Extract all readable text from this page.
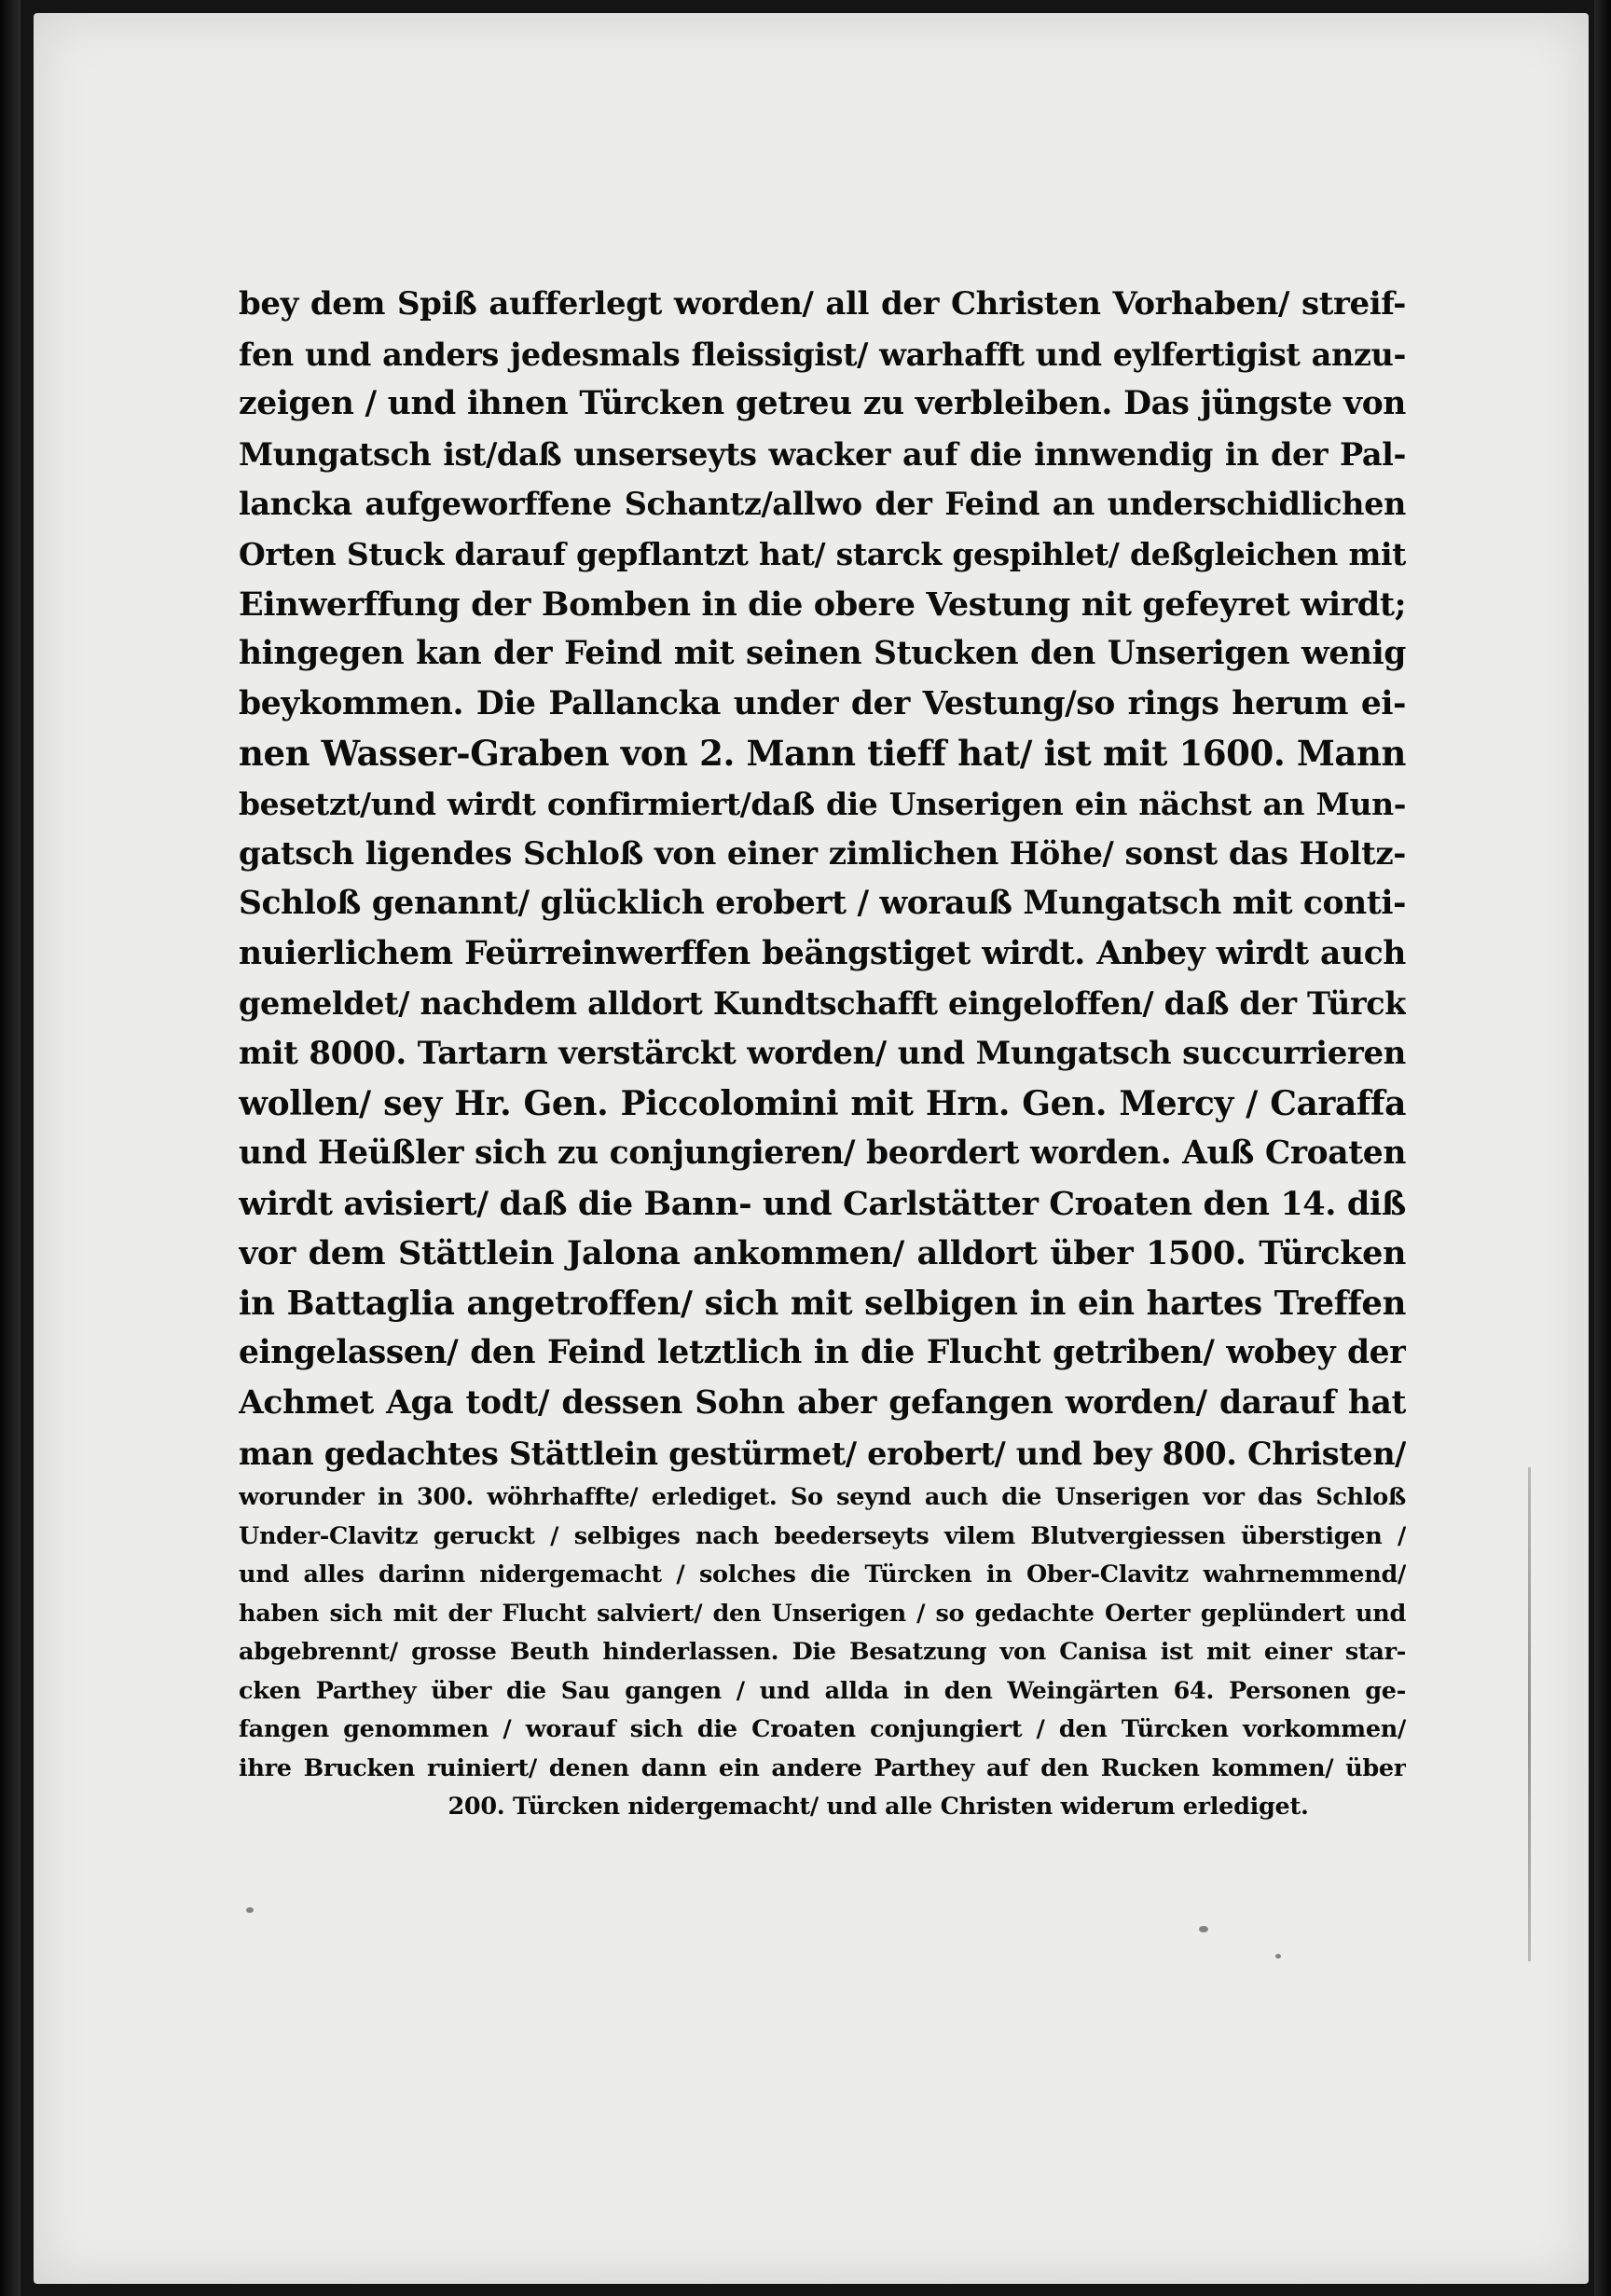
bey dem Spiß aufferlegt worden/ all der Christen Vorhaben/ streif-
fen und anders jedesmals fleissigist/ warhafft und eylfertigist anzu-
zeigen / und ihnen Türcken getreu zu verbleiben. Das jüngste von
Mungatsch ist/daß unserseyts wacker auf die innwendig in der Pal-
lancka aufgeworffene Schantz/allwo der Feind an underschidlichen
Orten Stuck darauf gepflantzt hat/ starck gespihlet/ deßgleichen mit
Einwerffung der Bomben in die obere Vestung nit gefeyret wirdt;
hingegen kan der Feind mit seinen Stucken den Unserigen wenig
beykommen. Die Pallancka under der Vestung/so rings herum ei-
nen Wasser-Graben von 2. Mann tieff hat/ ist mit 1600. Mann
besetzt/und wirdt confirmiert/daß die Unserigen ein nächst an Mun-
gatsch ligendes Schloß von einer zimlichen Höhe/ sonst das Holtz-
Schloß genannt/ glücklich erobert / worauß Mungatsch mit conti-
nuierlichem Feürreinwerffen beängstiget wirdt. Anbey wirdt auch
gemeldet/ nachdem alldort Kundtschafft eingeloffen/ daß der Türck
mit 8000. Tartarn verstärckt worden/ und Mungatsch succurrieren
wollen/ sey Hr. Gen. Piccolomini mit Hrn. Gen. Mercy / Caraffa
und Heüßler sich zu conjungieren/ beordert worden. Auß Croaten
wirdt avisiert/ daß die Bann- und Carlstätter Croaten den 14. diß
vor dem Stättlein Jalona ankommen/ alldort über 1500. Türcken
in Battaglia angetroffen/ sich mit selbigen in ein hartes Treffen
eingelassen/ den Feind letztlich in die Flucht getriben/ wobey der
Achmet Aga todt/ dessen Sohn aber gefangen worden/ darauf hat
man gedachtes Stättlein gestürmet/ erobert/ und bey 800. Christen/
worunder in 300. wöhrhaffte/ erlediget. So seynd auch die Unserigen vor das Schloß
Under-Clavitz geruckt / selbiges nach beederseyts vilem Blutvergiessen überstigen /
und alles darinn nidergemacht / solches die Türcken in Ober-Clavitz wahrnemmend/
haben sich mit der Flucht salviert/ den Unserigen / so gedachte Oerter geplündert und
abgebrennt/ grosse Beuth hinderlassen. Die Besatzung von Canisa ist mit einer star-
cken Parthey über die Sau gangen / und allda in den Weingärten 64. Personen ge-
fangen genommen / worauf sich die Croaten conjungiert / den Türcken vorkommen/
ihre Brucken ruiniert/ denen dann ein andere Parthey auf den Rucken kommen/ über
200. Türcken nidergemacht/ und alle Christen widerum erlediget.
